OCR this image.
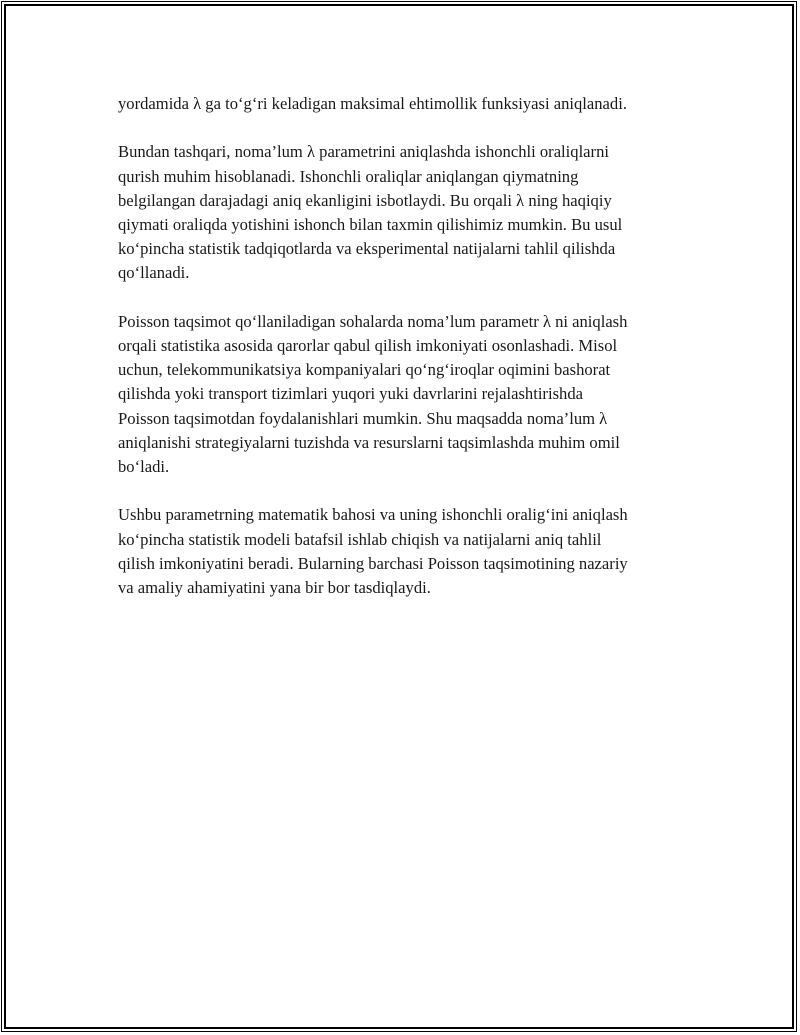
yordamida λ ga to‘g‘ri keladigan maksimal ehtimollik funksiyasi aniqlanadi.

Bundan tashqari, noma’lum λ parametrini aniqlashda ishonchli oraliqlarni
qurish muhim hisoblanadi. Ishonchli oraliqlar aniqlangan qiymatning
belgilangan darajadagi aniq ekanligini isbotlaydi. Bu orqali λ ning haqiqiy
qiymati oraliqda yotishini ishonch bilan taxmin qilishimiz mumkin. Bu usul
ko‘pincha statistik tadqiqotlarda va eksperimental natijalarni tahlil qilishda
qo‘llanadi.

Poisson taqsimot qo‘llaniladigan sohalarda noma’lum parametr λ ni aniqlash
orqali statistika asosida qarorlar qabul qilish imkoniyati osonlashadi. Misol
uchun, telekommunikatsiya kompaniyalari qo‘ng‘iroqlar oqimini bashorat
qilishda yoki transport tizimlari yuqori yuki davrlarini rejalashtirishda
Poisson taqsimotdan foydalanishlari mumkin. Shu maqsadda noma’lum λ
aniqlanishi strategiyalarni tuzishda va resurslarni taqsimlashda muhim omil
bo‘ladi.

Ushbu parametrning matematik bahosi va uning ishonchli oralig‘ini aniqlash
ko‘pincha statistik modeli batafsil ishlab chiqish va natijalarni aniq tahlil
qilish imkoniyatini beradi. Bularning barchasi Poisson taqsimotining nazariy
va amaliy ahamiyatini yana bir bor tasdiqlaydi.
